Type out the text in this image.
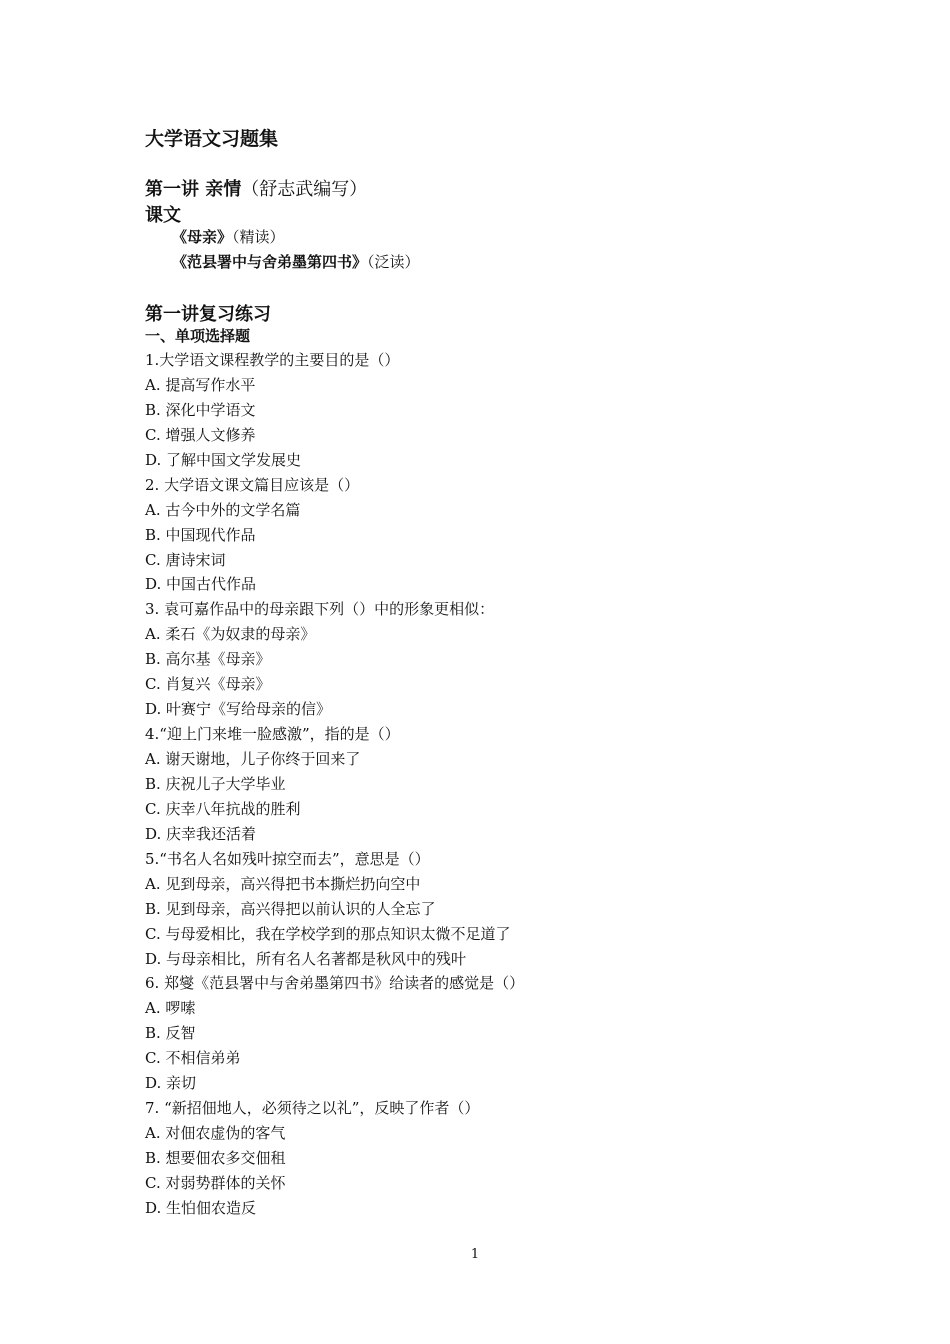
大学语文习题集
第一讲 亲情（舒志武编写）
课文
《母亲》（精读）
《范县署中与舍弟墨第四书》（泛读）
第一讲复习练习
一、单项选择题
1.大学语文课程教学的主要目的是（）
A. 提高写作水平
B. 深化中学语文
C. 增强人文修养
D. 了解中国文学发展史
2. 大学语文课文篇目应该是（）
A. 古今中外的文学名篇
B. 中国现代作品
C. 唐诗宋词
D. 中国古代作品
3. 袁可嘉作品中的母亲跟下列（）中的形象更相似：
A. 柔石《为奴隶的母亲》
B. 高尔基《母亲》
C. 肖复兴《母亲》
D. 叶赛宁《写给母亲的信》
4.“迎上门来堆一脸感激”，指的是（）
A. 谢天谢地，儿子你终于回来了
B. 庆祝儿子大学毕业
C. 庆幸八年抗战的胜利
D. 庆幸我还活着
5.“书名人名如残叶掠空而去”，意思是（）
A. 见到母亲，高兴得把书本撕烂扔向空中
B. 见到母亲，高兴得把以前认识的人全忘了
C. 与母爱相比，我在学校学到的那点知识太微不足道了
D. 与母亲相比，所有名人名著都是秋风中的残叶
6. 郑燮《范县署中与舍弟墨第四书》给读者的感觉是（）
A. 啰嗦
B. 反智
C. 不相信弟弟
D. 亲切
7. “新招佃地人，必须待之以礼”，反映了作者（）
A. 对佃农虚伪的客气
B. 想要佃农多交佃租
C. 对弱势群体的关怀
D. 生怕佃农造反
1
